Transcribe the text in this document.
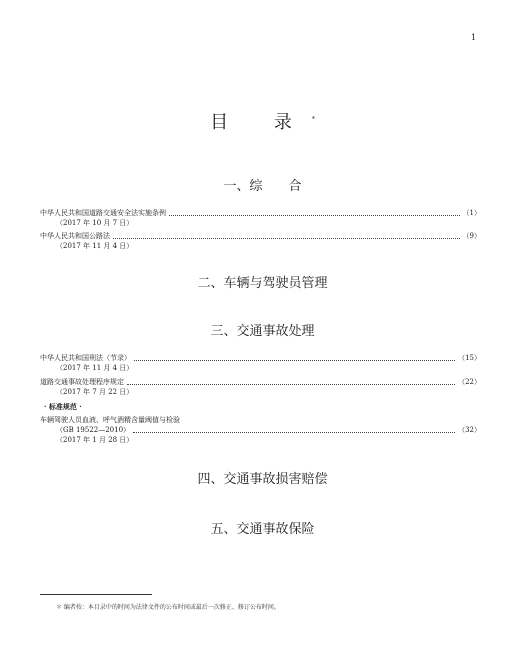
1
目 录*
一、综　　合
中华人民共和国道路交通安全法实施条例	（1）
（2017 年 10 月 7 日）
中华人民共和国公路法	（9）
（2017 年 11 月 4 日）
二、车辆与驾驶员管理
三、交通事故处理
中华人民共和国刑法（节录）	（15）
（2017 年 11 月 4 日）
道路交通事故处理程序规定	（22）
（2017 年 7 月 22 日）
· 标准规范 ·
车辆驾驶人员血液、呼气酒精含量阈值与检验
（GB 19522—2010）	（32）
（2017 年 1 月 28 日）
四、交通事故损害赔偿
五、交通事故保险
＊ 编者按：本目录中的时间为法律文件的公布时间或最后一次修正、修订公布时间。
